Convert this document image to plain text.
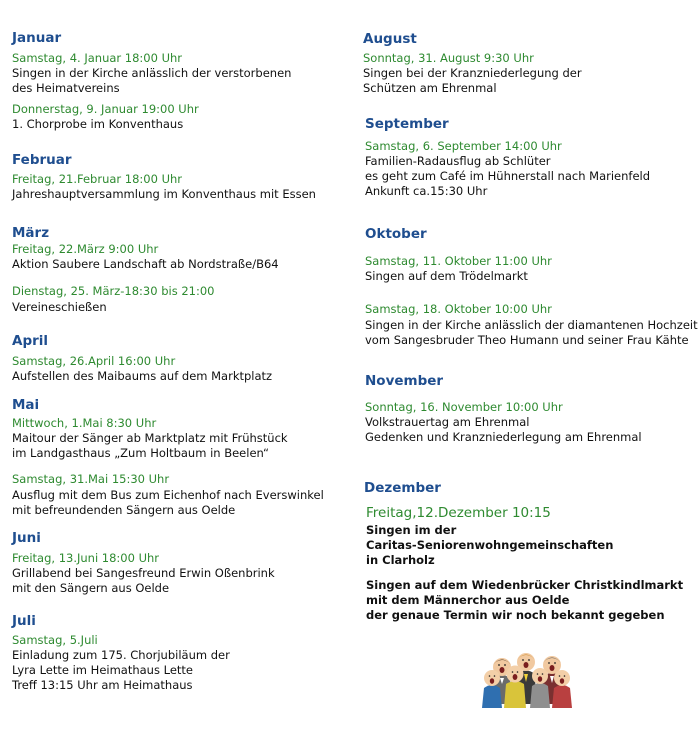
Januar
Samstag, 4. Januar 18:00 Uhr
Singen in der Kirche anlässlich der verstorbenen
des Heimatvereins
Donnerstag, 9. Januar 19:00 Uhr
1. Chorprobe im Konventhaus
Februar
Freitag, 21.Februar 18:00 Uhr
Jahreshauptversammlung im Konventhaus mit Essen
März
Freitag, 22.März 9:00 Uhr
Aktion Saubere Landschaft ab Nordstraße/B64
Dienstag, 25. März-18:30 bis 21:00
Vereineschießen
April
Samstag, 26.April 16:00 Uhr
Aufstellen des Maibaums auf dem Marktplatz
Mai
Mittwoch, 1.Mai 8:30 Uhr
Maitour der Sänger ab Marktplatz mit Frühstück
im Landgasthaus „Zum Holtbaum in Beelen“
Samstag, 31.Mai 15:30 Uhr
Ausflug mit dem Bus zum Eichenhof nach Everswinkel
mit befreundenden Sängern aus Oelde
Juni
Freitag, 13.Juni 18:00 Uhr
Grillabend bei Sangesfreund Erwin Oßenbrink
mit den Sängern aus Oelde
Juli
Samstag, 5.Juli
Einladung zum 175. Chorjubiläum der
Lyra Lette im Heimathaus Lette
Treff 13:15 Uhr am Heimathaus
August
Sonntag, 31. August 9:30 Uhr
Singen bei der Kranzniederlegung der
Schützen am Ehrenmal
September
Samstag, 6. September 14:00 Uhr
Familien-Radausflug ab Schlüter
es geht zum Café im Hühnerstall nach Marienfeld
Ankunft ca.15:30 Uhr
Oktober
Samstag, 11. Oktober 11:00 Uhr
Singen auf dem Trödelmarkt
Samstag, 18. Oktober 10:00 Uhr
Singen in der Kirche anlässlich der diamantenen Hochzeit
vom Sangesbruder Theo Humann und seiner Frau Kähte
November
Sonntag, 16. November 10:00 Uhr
Volkstrauertag am Ehrenmal
Gedenken und Kranzniederlegung am Ehrenmal
Dezember
Freitag,12.Dezember 10:15
Singen im der
Caritas-Seniorenwohngemeinschaften
in Clarholz
Singen auf dem Wiedenbrücker Christkindlmarkt
mit dem Männerchor aus Oelde
der genaue Termin wir noch bekannt gegeben
